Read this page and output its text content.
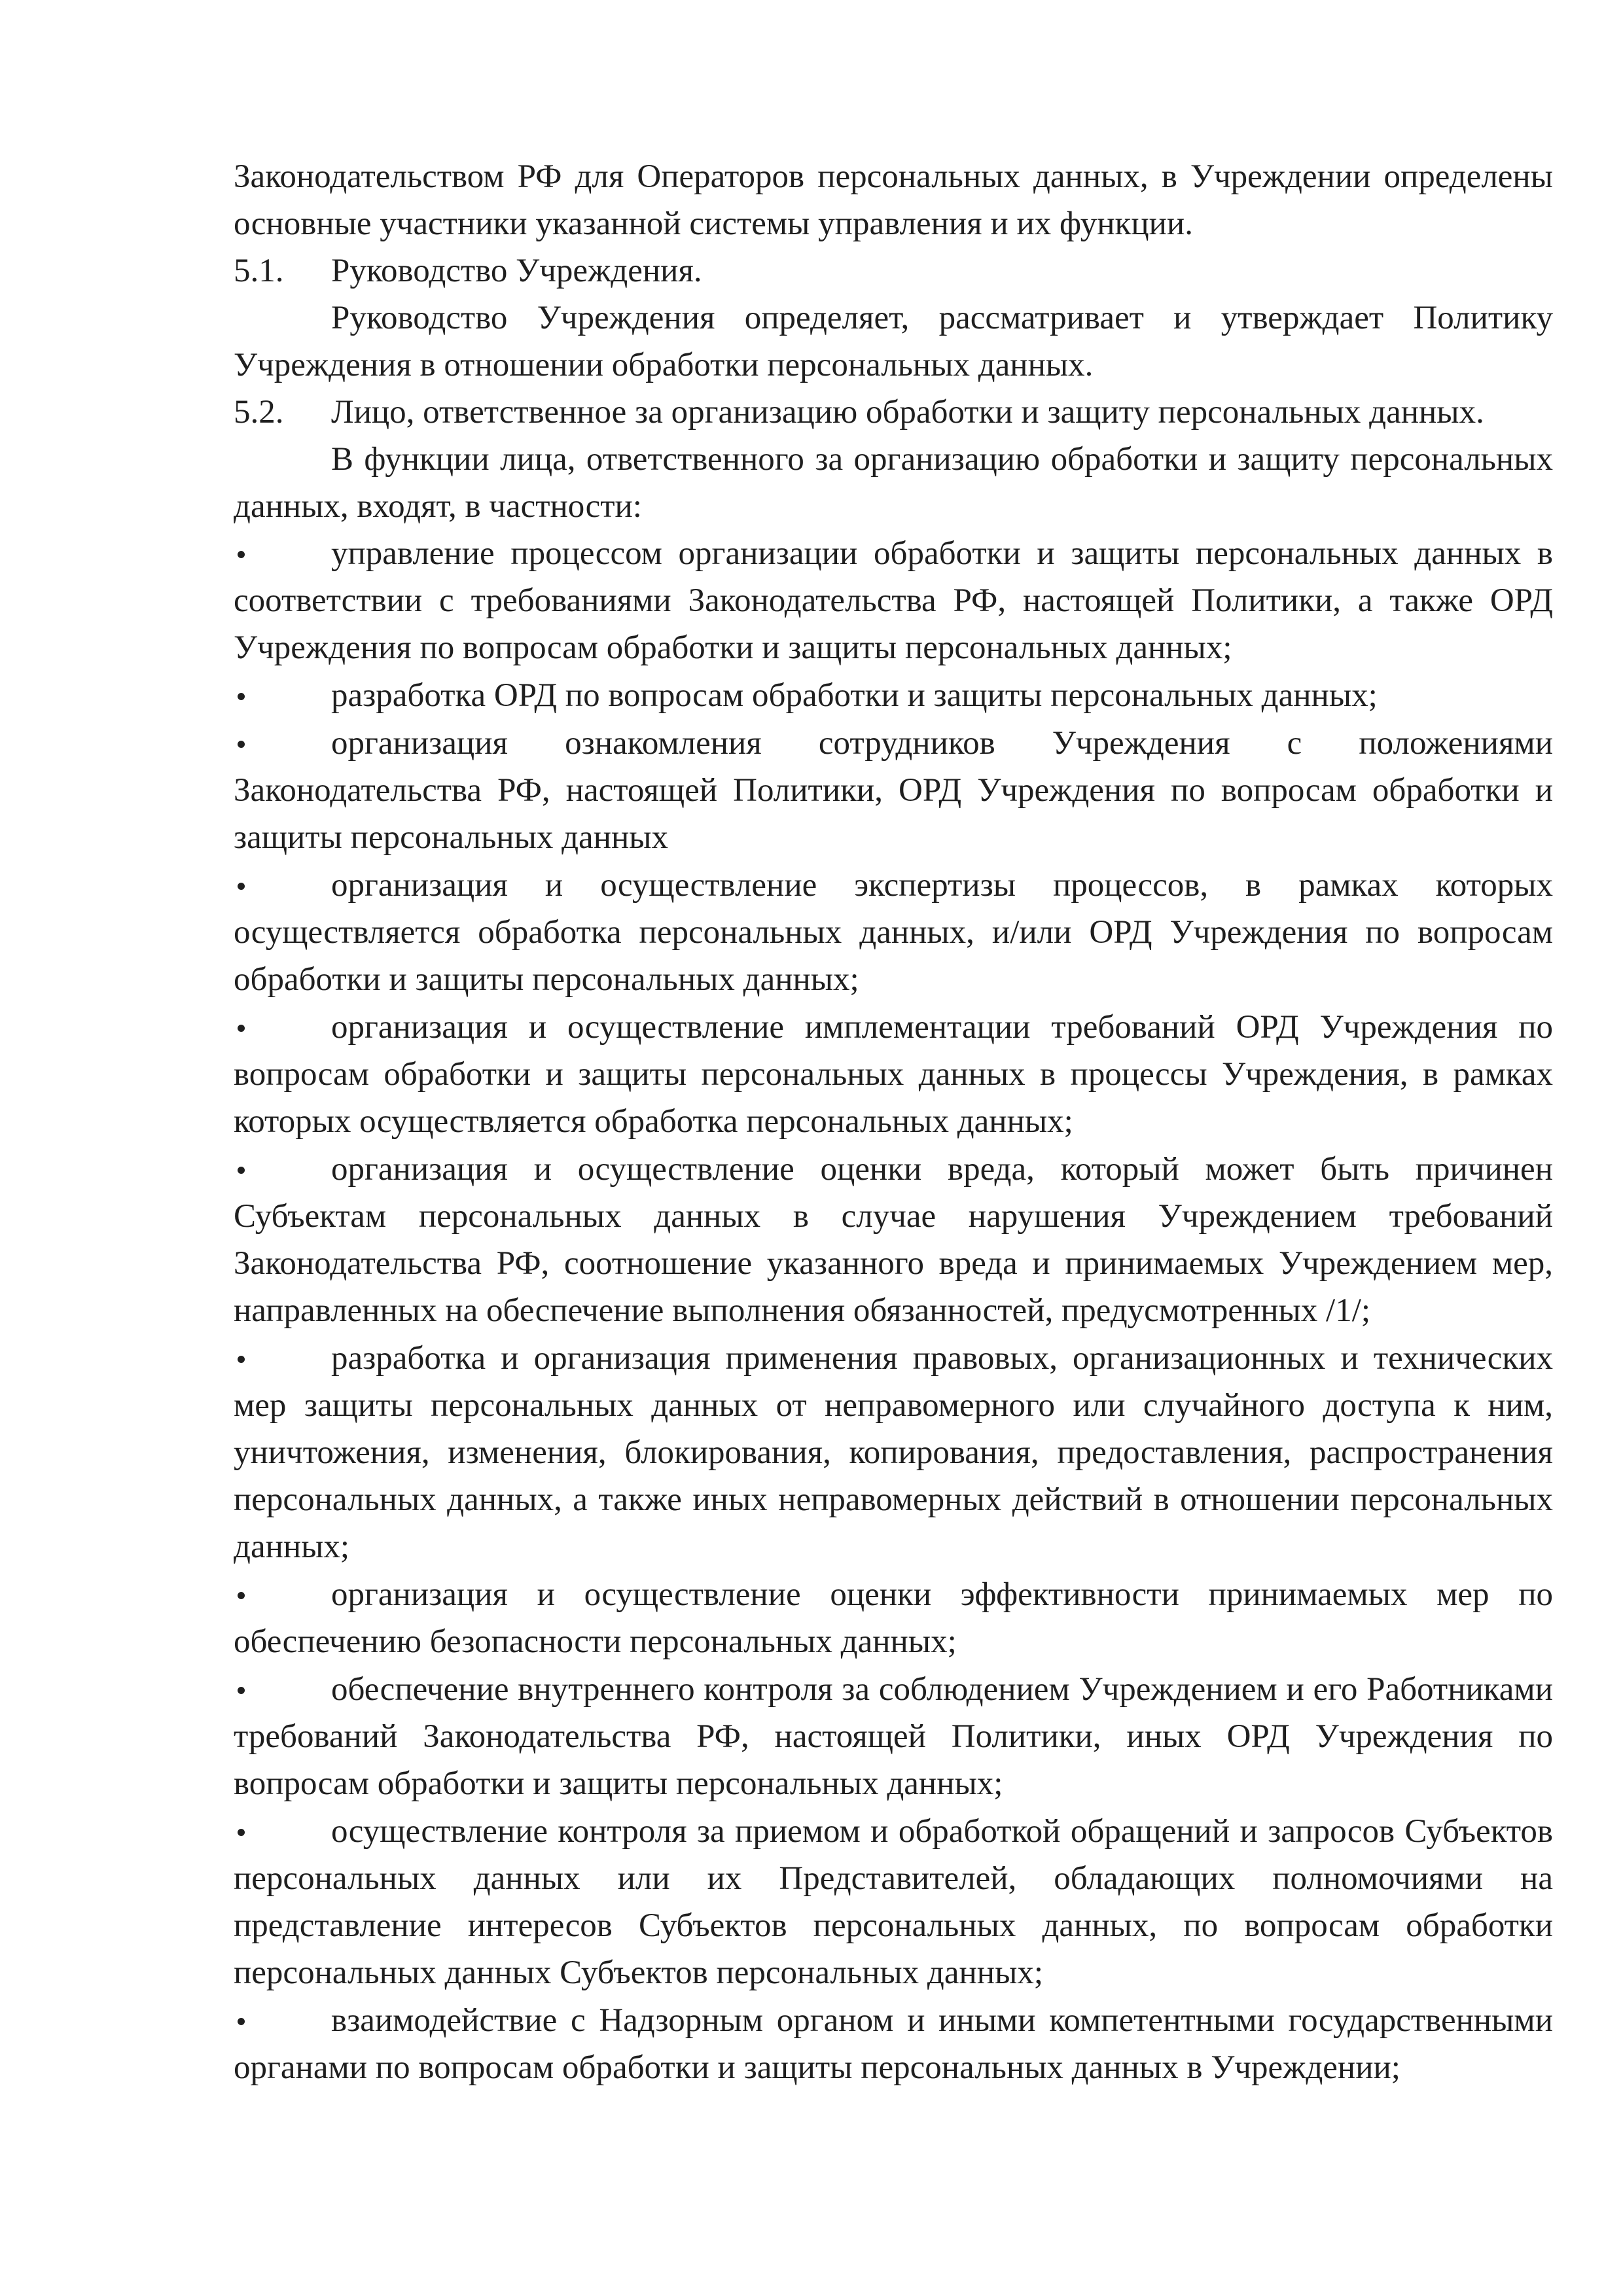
Законодательством РФ для Операторов персональных данных, в Учреждении определены основные участники указанной системы управления и их функции.

5.1.	Руководство Учреждения.

Руководство Учреждения определяет, рассматривает и утверждает Политику Учреждения в отношении обработки персональных данных.

5.2.	Лицо, ответственное за организацию обработки и защиту персональных данных.

В функции лица, ответственного за организацию обработки и защиту персональных данных, входят, в частности:

управление процессом организации обработки и защиты персональных данных в соответствии с требованиями Законодательства РФ, настоящей Политики, а также ОРД Учреждения по вопросам обработки и защиты персональных данных;

разработка ОРД по вопросам обработки и защиты персональных данных;

организация ознакомления сотрудников Учреждения с положениями Законодательства РФ, настоящей Политики, ОРД Учреждения по вопросам обработки и защиты персональных данных

организация и осуществление экспертизы процессов, в рамках которых осуществляется обработка персональных данных, и/или ОРД Учреждения по вопросам обработки и защиты персональных данных;

организация и осуществление имплементации требований ОРД Учреждения по вопросам обработки и защиты персональных данных в процессы Учреждения, в рамках которых осуществляется обработка персональных данных;

организация и осуществление оценки вреда, который может быть причинен Субъектам персональных данных в случае нарушения Учреждением требований Законодательства РФ, соотношение указанного вреда и принимаемых Учреждением мер, направленных на обеспечение выполнения обязанностей, предусмотренных /1/;

разработка и организация применения правовых, организационных и технических мер защиты персональных данных от неправомерного или случайного доступа к ним, уничтожения, изменения, блокирования, копирования, предоставления, распространения персональных данных, а также иных неправомерных действий в отношении персональных данных;

организация и осуществление оценки эффективности принимаемых мер по обеспечению безопасности персональных данных;

обеспечение внутреннего контроля за соблюдением Учреждением и его Работниками требований Законодательства РФ, настоящей Политики, иных ОРД Учреждения по вопросам обработки и защиты персональных данных;

осуществление контроля за приемом и обработкой обращений и запросов Субъектов персональных данных или их Представителей, обладающих полномочиями на представление интересов Субъектов персональных данных, по вопросам обработки персональных данных Субъектов персональных данных;

взаимодействие с Надзорным органом и иными компетентными государственными органами по вопросам обработки и защиты персональных данных в Учреждении;
